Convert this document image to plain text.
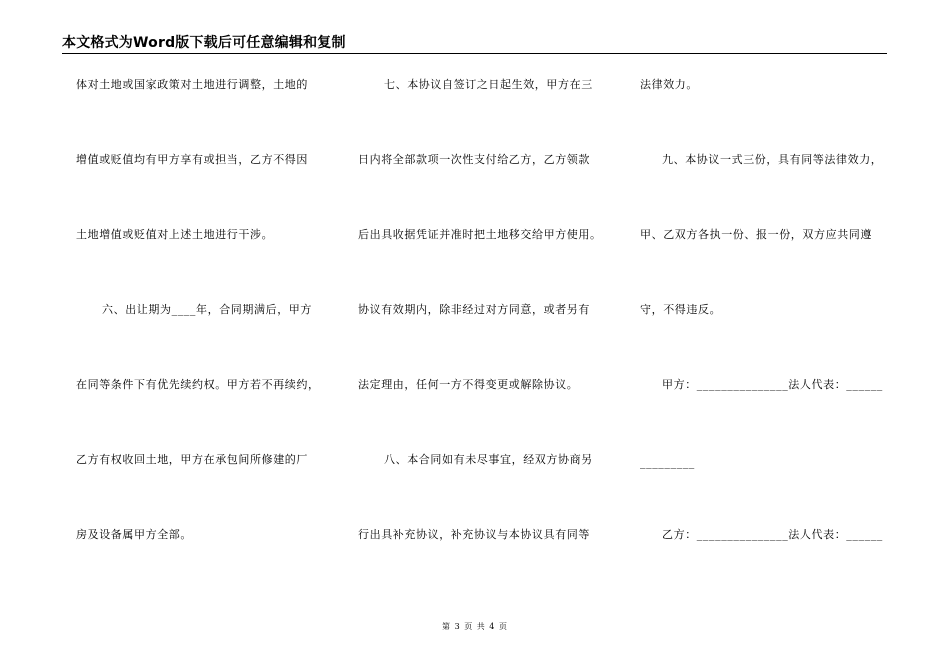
本文格式为Word版下载后可任意编辑和复制
体对土地或国家政策对土地进行调整，土地的
增值或贬值均有甲方享有或担当，乙方不得因
土地增值或贬值对上述土地进行干涉。
六、出让期为____年，合同期满后，甲方
在同等条件下有优先续约权。甲方若不再续约，
乙方有权收回土地，甲方在承包间所修建的厂
房及设备属甲方全部。
七、本协议自签订之日起生效，甲方在三
日内将全部款项一次性支付给乙方，乙方领款
后出具收据凭证并准时把土地移交给甲方使用。
协议有效期内，除非经过对方同意，或者另有
法定理由，任何一方不得变更或解除协议。
八、本合同如有未尽事宜，经双方协商另
行出具补充协议，补充协议与本协议具有同等
法律效力。
九、本协议一式三份，具有同等法律效力，
甲、乙双方各执一份、报一份，双方应共同遵
守，不得违反。
甲方：_______________法人代表：______
_________
乙方：_______________法人代表：______
第 3 页 共 4 页
